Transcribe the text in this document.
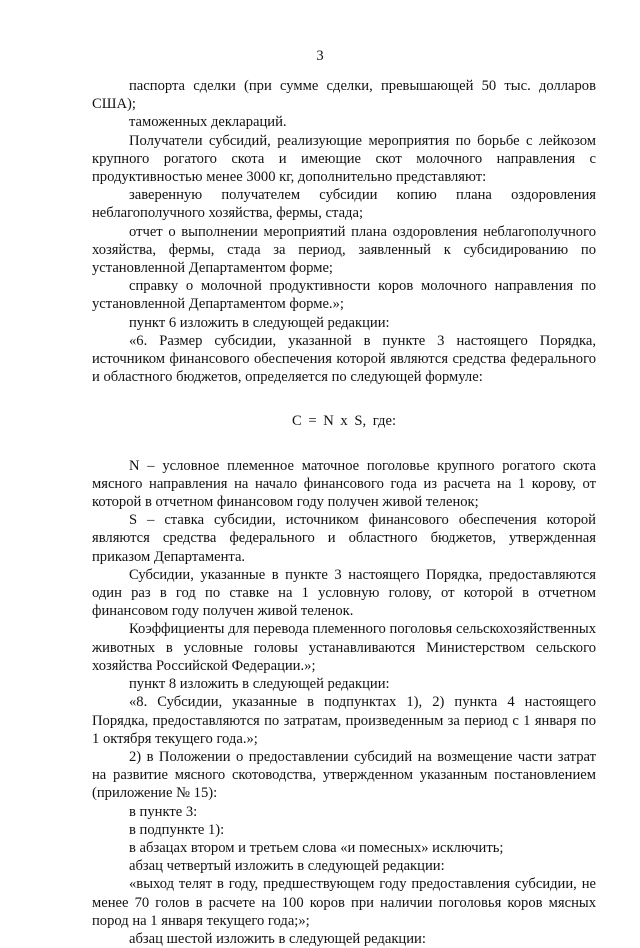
3

паспорта сделки (при сумме сделки, превышающей 50 тыс. долларов США);

таможенных деклараций.

Получатели субсидий, реализующие мероприятия по борьбе с лейкозом крупного рогатого скота и имеющие скот молочного направления с продуктивностью менее 3000 кг, дополнительно представляют:

заверенную получателем субсидии копию плана оздоровления неблагополучного хозяйства, фермы, стада;

отчет о выполнении мероприятий плана оздоровления неблагополучного хозяйства, фермы, стада за период, заявленный к субсидированию по установленной Департаментом форме;

справку о молочной продуктивности коров молочного направления по установленной Департаментом форме.»;

пункт 6 изложить в следующей редакции:

«6. Размер субсидии, указанной в пункте 3 настоящего Порядка, источником финансового обеспечения которой являются средства федерального и областного бюджетов, определяется по следующей формуле:

С = N x S, где:

N – условное племенное маточное поголовье крупного рогатого скота мясного направления на начало финансового года из расчета на 1 корову, от которой в отчетном финансовом году получен живой теленок;

S – ставка субсидии, источником финансового обеспечения которой являются средства федерального и областного бюджетов, утвержденная приказом Департамента.

Субсидии, указанные в пункте 3 настоящего Порядка, предоставляются один раз в год по ставке на 1 условную голову, от которой в отчетном финансовом году получен живой теленок.

Коэффициенты для перевода племенного поголовья сельскохозяйственных животных в условные головы устанавливаются Министерством сельского хозяйства Российской Федерации.»;

пункт 8 изложить в следующей редакции:

«8. Субсидии, указанные в подпунктах 1), 2) пункта 4 настоящего Порядка, предоставляются по затратам, произведенным за период с 1 января по 1 октября текущего года.»;

2) в Положении о предоставлении субсидий на возмещение части затрат на развитие мясного скотоводства, утвержденном указанным постановлением (приложение № 15):

в пункте 3:

в подпункте 1):

в абзацах втором и третьем слова «и помесных» исключить;

абзац четвертый изложить в следующей редакции:

«выход телят в году, предшествующем году предоставления субсидии, не менее 70 голов в расчете на 100 коров при наличии поголовья коров мясных пород на 1 января текущего года;»;

абзац шестой изложить в следующей редакции:
